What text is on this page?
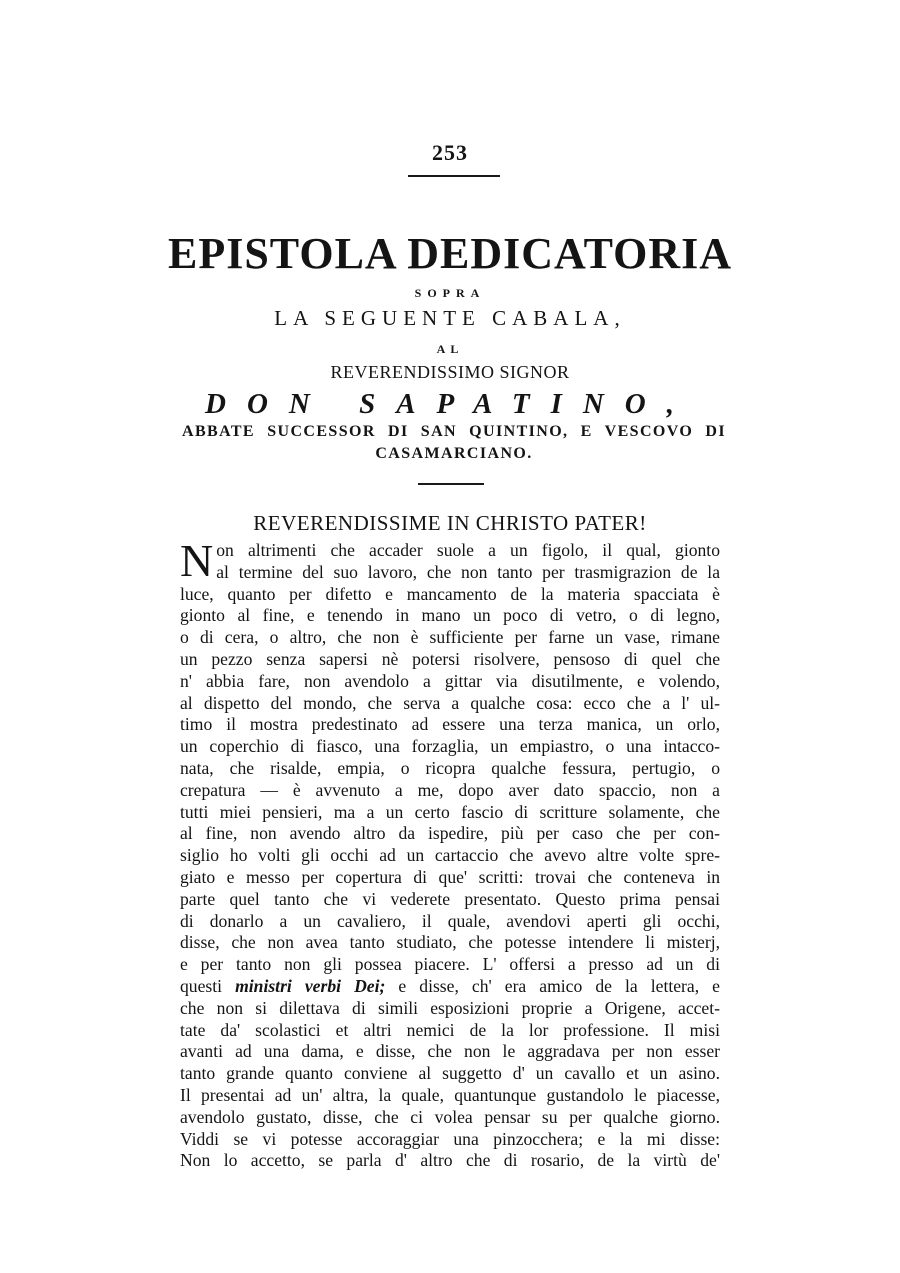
253
EPISTOLA DEDICATORIA
SOPRA
LA SEGUENTE CABALA,
AL
REVERENDISSIMO SIGNOR
DON SAPATINO,
ABBATE SUCCESSOR DI SAN QUINTINO, E VESCOVO DI
CASAMARCIANO.
REVERENDISSIME IN CHRISTO PATER!
N on altrimenti che accader suole a un figolo, il qual, gionto
al termine del suo lavoro, che non tanto per trasmigrazion de la
luce, quanto per difetto e mancamento de la materia spacciata è
gionto al fine, e tenendo in mano un poco di vetro, o di legno,
o di cera, o altro, che non è sufficiente per farne un vase, rimane
un pezzo senza sapersi nè potersi risolvere, pensoso di quel che
n' abbia fare, non avendolo a gittar via disutilmente, e volendo,
al dispetto del mondo, che serva a qualche cosa: ecco che a l' ul-
timo il mostra predestinato ad essere una terza manica, un orlo,
un coperchio di fiasco, una forzaglia, un empiastro, o una intacco-
nata, che risalde, empia, o ricopra qualche fessura, pertugio, o
crepatura — è avvenuto a me, dopo aver dato spaccio, non a
tutti miei pensieri, ma a un certo fascio di scritture solamente, che
al fine, non avendo altro da ispedire, più per caso che per con-
siglio ho volti gli occhi ad un cartaccio che avevo altre volte spre-
giato e messo per copertura di que' scritti: trovai che conteneva in
parte quel tanto che vi vederete presentato. Questo prima pensai
di donarlo a un cavaliero, il quale, avendovi aperti gli occhi,
disse, che non avea tanto studiato, che potesse intendere li misterj,
e per tanto non gli possea piacere. L' offersi a presso ad un di
questi ministri verbi Dei; e disse, ch' era amico de la lettera, e
che non si dilettava di simili esposizioni proprie a Origene, accet-
tate da' scolastici et altri nemici de la lor professione. Il misi
avanti ad una dama, e disse, che non le aggradava per non esser
tanto grande quanto conviene al suggetto d' un cavallo et un asino.
Il presentai ad un' altra, la quale, quantunque gustandolo le piacesse,
avendolo gustato, disse, che ci volea pensar su per qualche giorno.
Viddi se vi potesse accoraggiar una pinzocchera; e la mi disse:
Non lo accetto, se parla d' altro che di rosario, de la virtù de'
